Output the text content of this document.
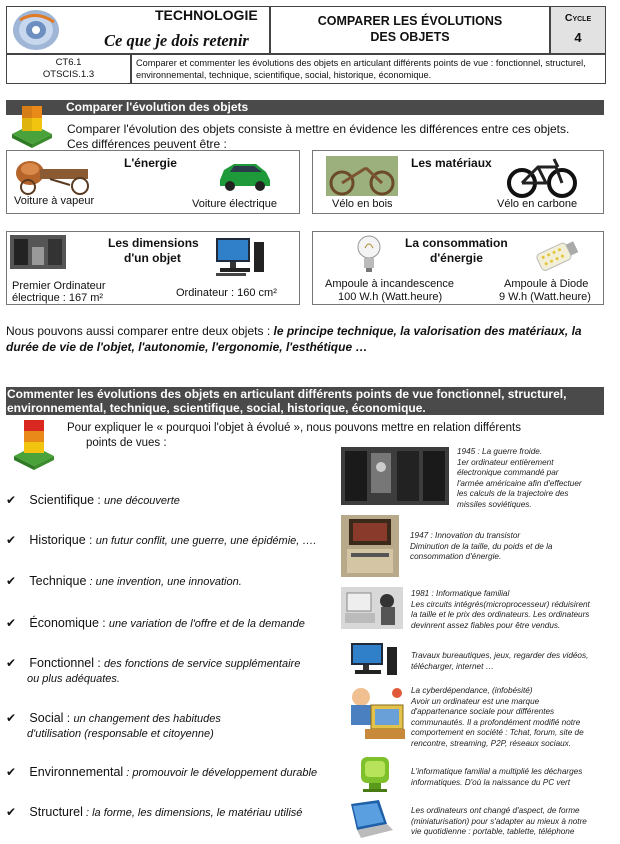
TECHNOLOGIE
Ce que je dois retenir
COMPARER LES ÉVOLUTIONS
DES OBJETS
Cycle
4
CT6.1
OTSCIS.1.3
Comparer et commenter les évolutions des objets en articulant différents points de vue : fonctionnel, structurel, environnemental, technique, scientifique, social, historique, économique.
Comparer l'évolution des objets
Comparer l'évolution des objets consiste à mettre en évidence les différences entre ces objets.
Ces différences peuvent être :
L'énergie
Voiture à vapeur	Voiture électrique
Les matériaux
Vélo en bois	Vélo en carbone
Les dimensions
d'un objet
Premier Ordinateur
électrique : 167 m²	Ordinateur : 160 cm²
La consommation
d'énergie
Ampoule à incandescence
100 W.h (Watt.heure)
Ampoule à Diode
9 W.h (Watt.heure)
Nous pouvons aussi comparer entre deux objets : le principe technique, la valorisation des matériaux, la
durée de vie de l'objet, l'autonomie, l'ergonomie, l'esthétique …
Commenter les évolutions des objets en articulant différents points de vue fonctionnel, structurel,
environnemental, technique, scientifique, social, historique, économique.
Pour expliquer le « pourquoi l'objet à évolué », nous pouvons mettre en relation différents
points de vues :
✔ Scientifique : une découverte
✔ Historique : un futur conflit, une guerre, une épidémie, ….
✔ Technique : une invention, une innovation.
✔ Économique : une variation de l'offre et de la demande
✔ Fonctionnel : des fonctions de service supplémentaire
ou plus adéquates.
✔ Social : un changement des habitudes
d'utilisation (responsable et citoyenne)
✔ Environnemental : promouvoir le développement durable
✔ Structurel : la forme, les dimensions, le matériau utilisé
1945 : La guerre froide.
1er ordinateur entièrement
électronique commandé par
l'armée américaine afin d'effectuer
les calculs de la trajectoire des
missiles soviétiques.
1947 : Innovation du transistor
Diminution de la taille, du poids et de la
consommation d'énergie.
1981 : Informatique familial
Les circuits intégrés(microprocesseur) réduisirent
la taille et le prix des ordinateurs. Les ordinateurs
devinrent assez fiables pour être vendus.
Travaux bureautiques, jeux, regarder des vidéos,
télécharger, internet …
La cyberdépendance, (infobésité)
Avoir un ordinateur est une marque
d'appartenance sociale pour différentes
communautés. Il a profondément modifié notre
comportement en société : Tchat, forum, site de
rencontre, streaming, P2P, réseaux sociaux.
L'informatique familial a multiplié les décharges
informatiques. D'où la naissance du PC vert
Les ordinateurs ont changé d'aspect, de forme
(miniaturisation) pour s'adapter au mieux à notre
vie quotidienne : portable, tablette, téléphone
